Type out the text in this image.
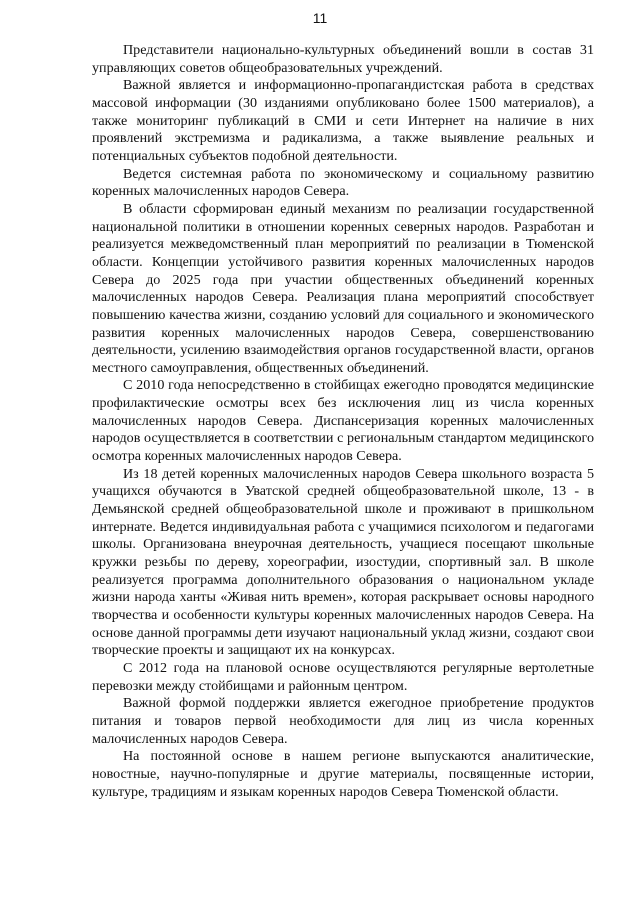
11

Представители национально-культурных объединений вошли в состав 31 управляющих советов общеобразовательных учреждений.

Важной является и информационно-пропагандистская работа в средствах массовой информации (30 изданиями опубликовано более 1500 материалов), а также мониторинг публикаций в СМИ и сети Интернет на наличие в них проявлений экстремизма и радикализма, а также выявление реальных и потенциальных субъектов подобной деятельности.

Ведется системная работа по экономическому и социальному развитию коренных малочисленных народов Севера.

В области сформирован единый механизм по реализации государственной национальной политики в отношении коренных северных народов. Разработан и реализуется межведомственный план мероприятий по реализации в Тюменской области. Концепции устойчивого развития коренных малочисленных народов Севера до 2025 года при участии общественных объединений коренных малочисленных народов Севера. Реализация плана мероприятий способствует повышению качества жизни, созданию условий для социального и экономического развития коренных малочисленных народов Севера, совершенствованию деятельности, усилению взаимодействия органов государственной власти, органов местного самоуправления, общественных объединений.

С 2010 года непосредственно в стойбищах ежегодно проводятся медицинские профилактические осмотры всех без исключения лиц из числа коренных малочисленных народов Севера. Диспансеризация коренных малочисленных народов осуществляется в соответствии с региональным стандартом медицинского осмотра коренных малочисленных народов Севера.

Из 18 детей коренных малочисленных народов Севера школьного возраста 5 учащихся обучаются в Уватской средней общеобразовательной школе, 13 - в Демьянской средней общеобразовательной школе и проживают в пришкольном интернате. Ведется индивидуальная работа с учащимися психологом и педагогами школы. Организована внеурочная деятельность, учащиеся посещают школьные кружки резьбы по дереву, хореографии, изостудии, спортивный зал. В школе реализуется программа дополнительного образования о национальном укладе жизни народа ханты «Живая нить времен», которая раскрывает основы народного творчества и особенности культуры коренных малочисленных народов Севера. На основе данной программы дети изучают национальный уклад жизни, создают свои творческие проекты и защищают их на конкурсах.

С 2012 года на плановой основе осуществляются регулярные вертолетные перевозки между стойбищами и районным центром.

Важной формой поддержки является ежегодное приобретение продуктов питания и товаров первой необходимости для лиц из числа коренных малочисленных народов Севера.

На постоянной основе в нашем регионе выпускаются аналитические, новостные, научно-популярные и другие материалы, посвященные истории, культуре, традициям и языкам коренных народов Севера Тюменской области.
